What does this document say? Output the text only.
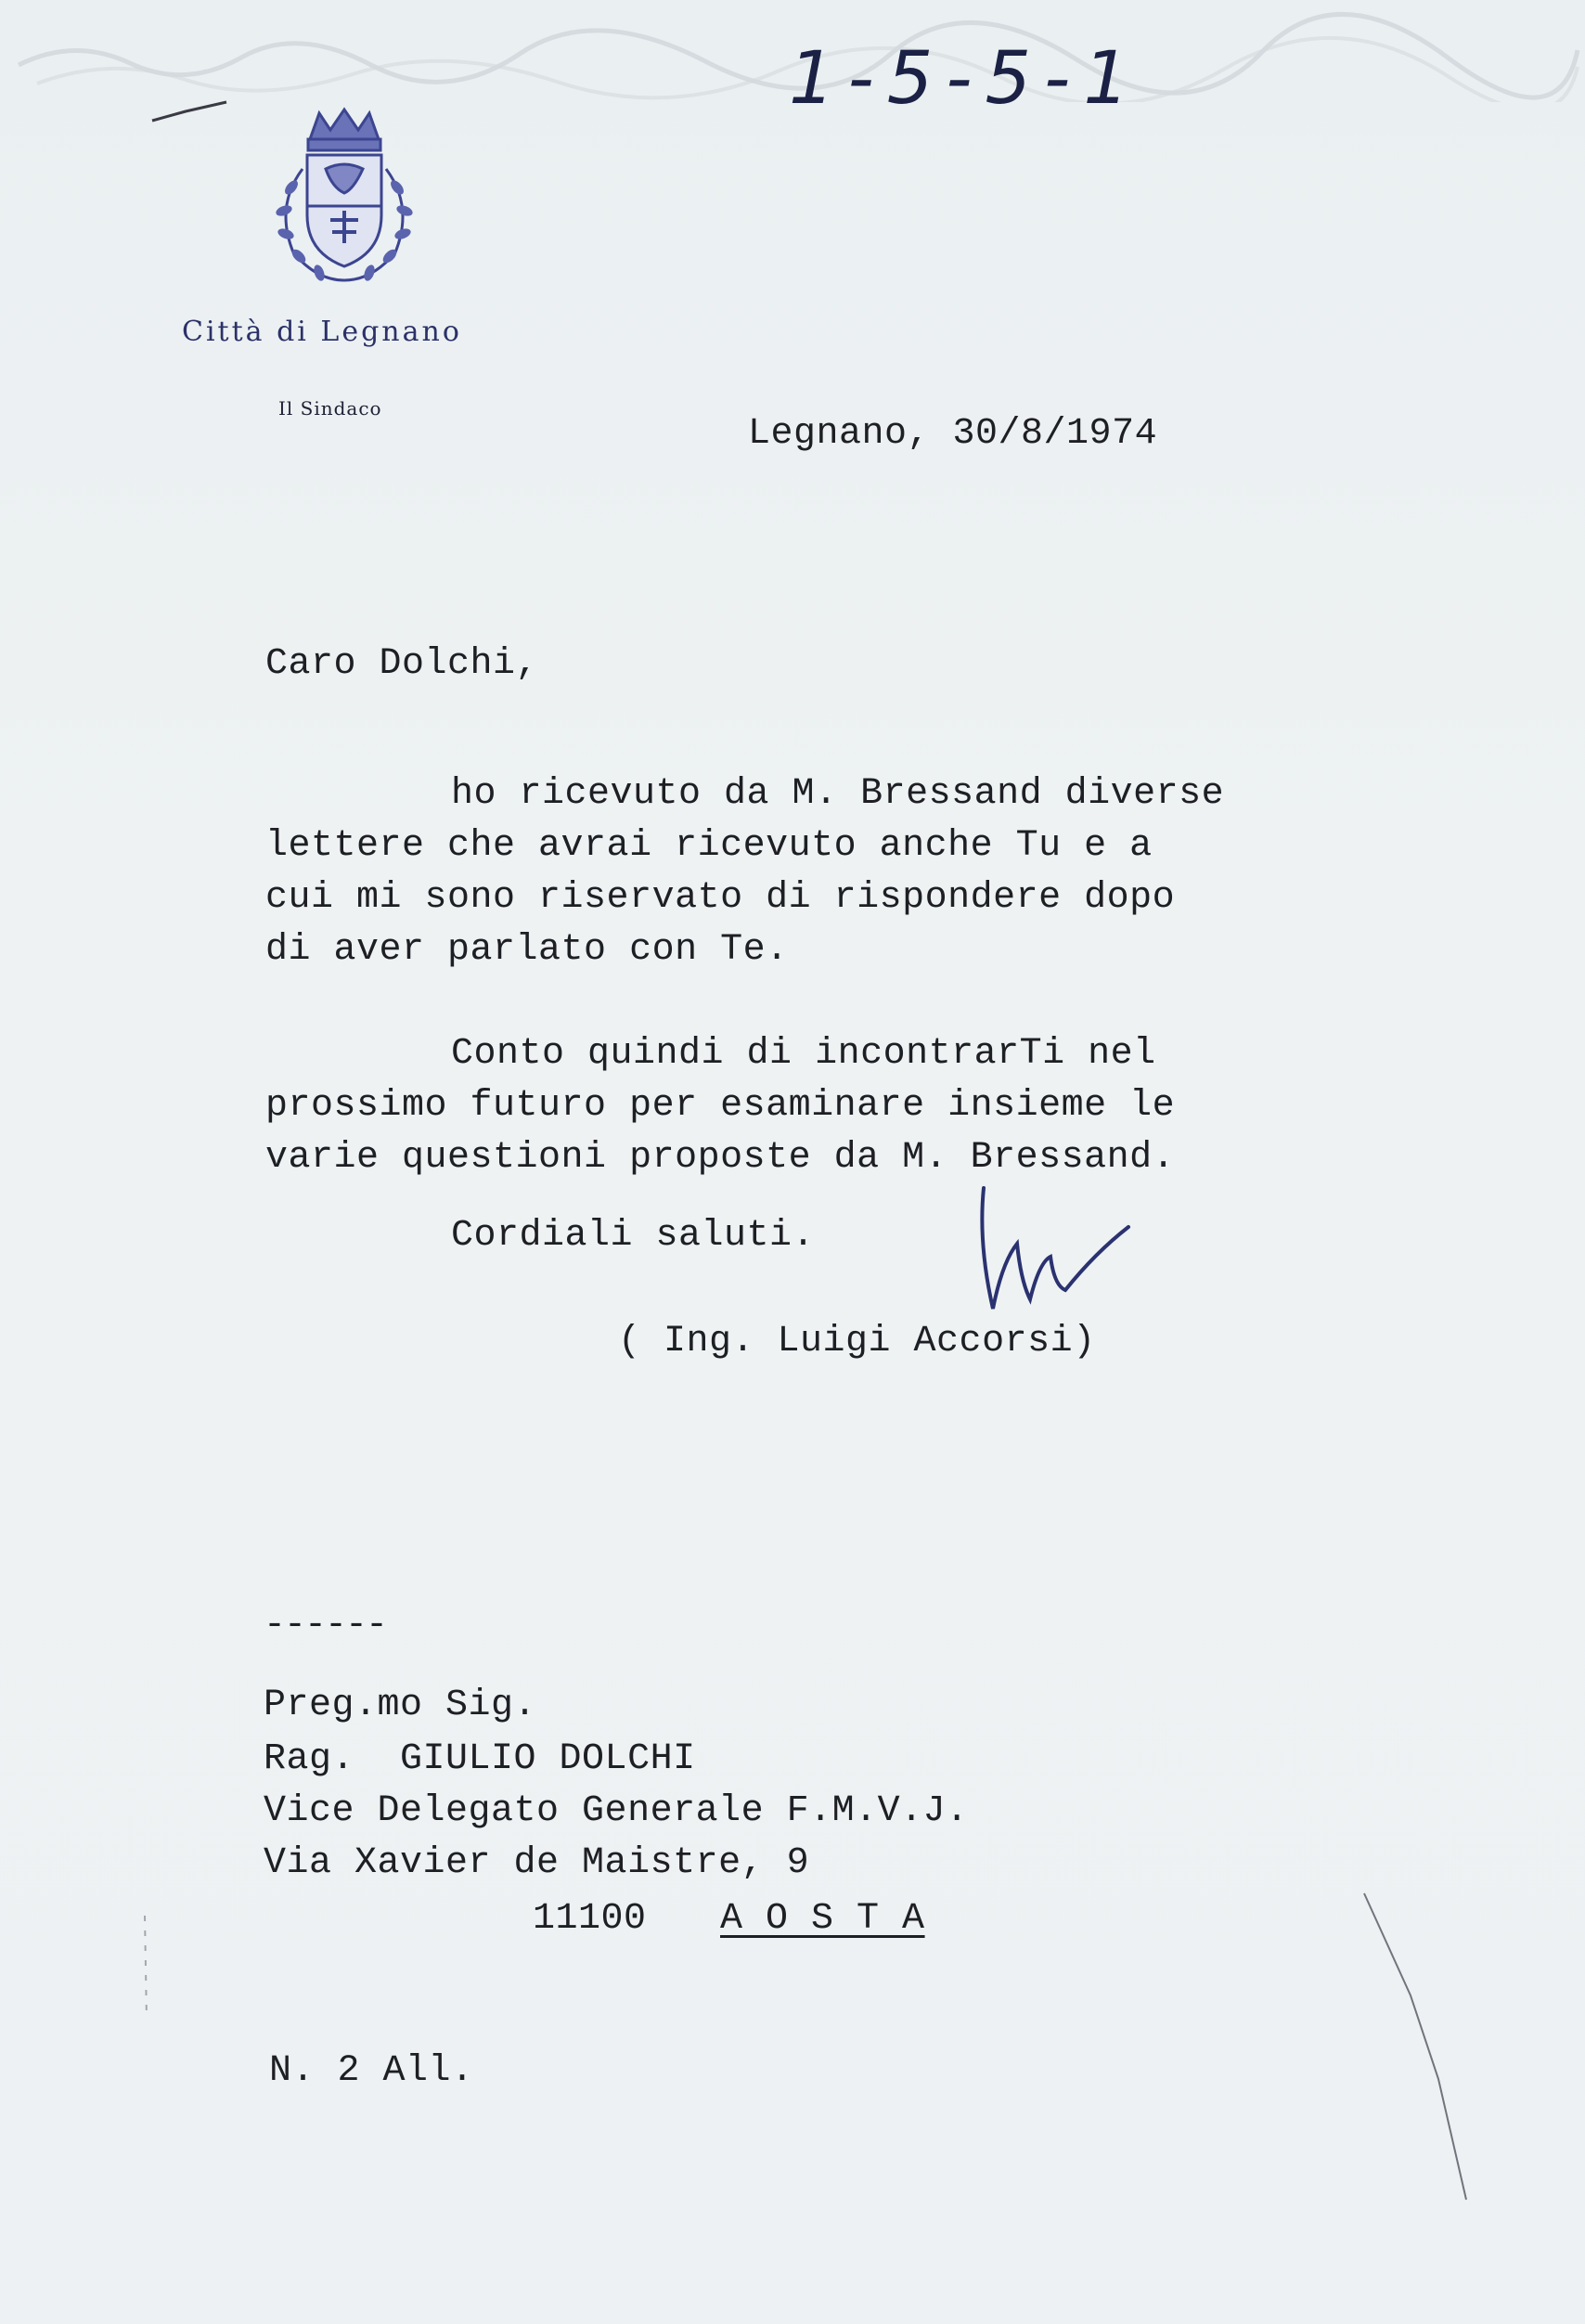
1-5-5-1
Città di Legnano
Il Sindaco
Legnano, 30/8/1974
Caro Dolchi,
ho ricevuto da M. Bressand diverse
lettere che avrai ricevuto anche Tu e a
cui mi sono riservato di rispondere dopo
di aver parlato con Te.
Conto quindi di incontrarTi nel
prossimo futuro per esaminare insieme le
varie questioni proposte da M. Bressand.
Cordiali saluti.
( Ing. Luigi Accorsi)
------
Preg.mo Sig.
Rag.  GIULIO DOLCHI
Vice Delegato Generale F.M.V.J.
Via Xavier de Maistre, 9
11100 A O S T A
N. 2 All.
